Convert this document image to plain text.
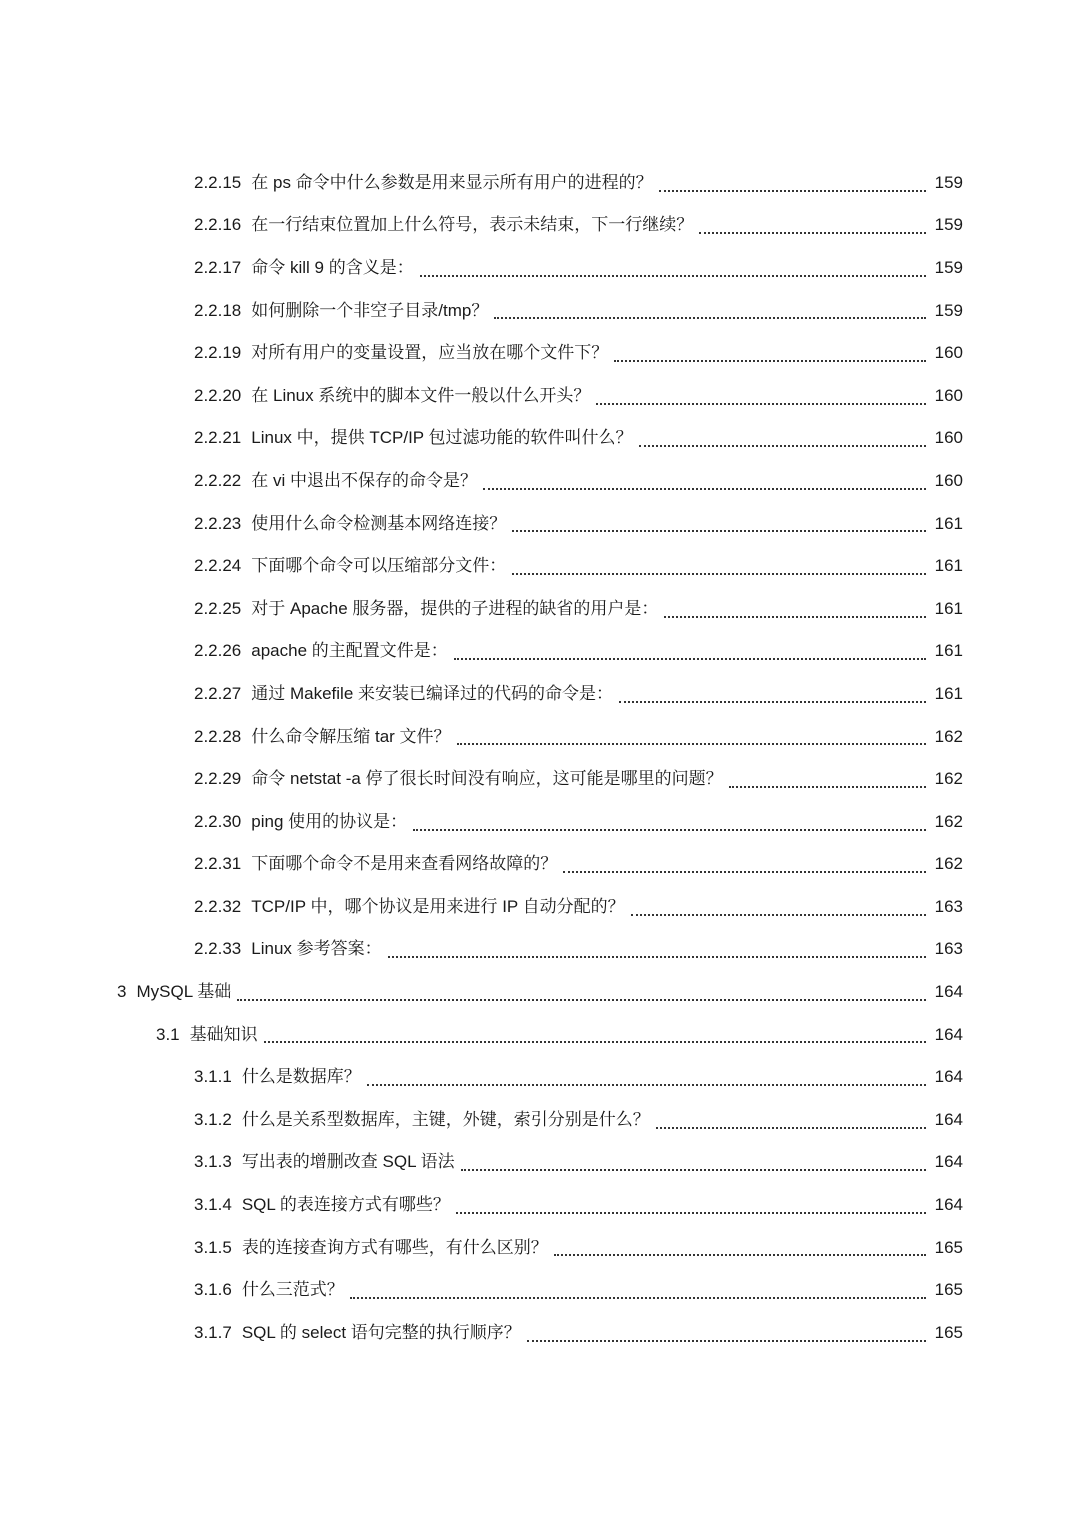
2.2.15 在 ps 命令中什么参数是用来显示所有用户的进程的？	159
2.2.16 在一行结束位置加上什么符号，表示未结束，下一行继续？	159
2.2.17 命令 kill 9 的含义是：	159
2.2.18 如何删除一个非空子目录/tmp？	159
2.2.19 对所有用户的变量设置，应当放在哪个文件下？	160
2.2.20 在 Linux 系统中的脚本文件一般以什么开头？	160
2.2.21 Linux 中，提供 TCP/IP 包过滤功能的软件叫什么？	160
2.2.22 在 vi 中退出不保存的命令是？	160
2.2.23 使用什么命令检测基本网络连接？	161
2.2.24 下面哪个命令可以压缩部分文件：	161
2.2.25 对于 Apache 服务器，提供的子进程的缺省的用户是：	161
2.2.26 apache 的主配置文件是：	161
2.2.27 通过 Makefile 来安装已编译过的代码的命令是：	161
2.2.28 什么命令解压缩 tar 文件？	162
2.2.29 命令 netstat -a 停了很长时间没有响应，这可能是哪里的问题？	162
2.2.30 ping 使用的协议是：	162
2.2.31 下面哪个命令不是用来查看网络故障的？	162
2.2.32 TCP/IP 中，哪个协议是用来进行 IP 自动分配的？	163
2.2.33 Linux 参考答案：	163
3 MySQL 基础	164
3.1 基础知识	164
3.1.1 什么是数据库？	164
3.1.2 什么是关系型数据库，主键，外键，索引分别是什么？	164
3.1.3 写出表的增删改查 SQL 语法	164
3.1.4 SQL 的表连接方式有哪些？	164
3.1.5 表的连接查询方式有哪些，有什么区别？	165
3.1.6 什么三范式？	165
3.1.7 SQL 的 select 语句完整的执行顺序？	165
